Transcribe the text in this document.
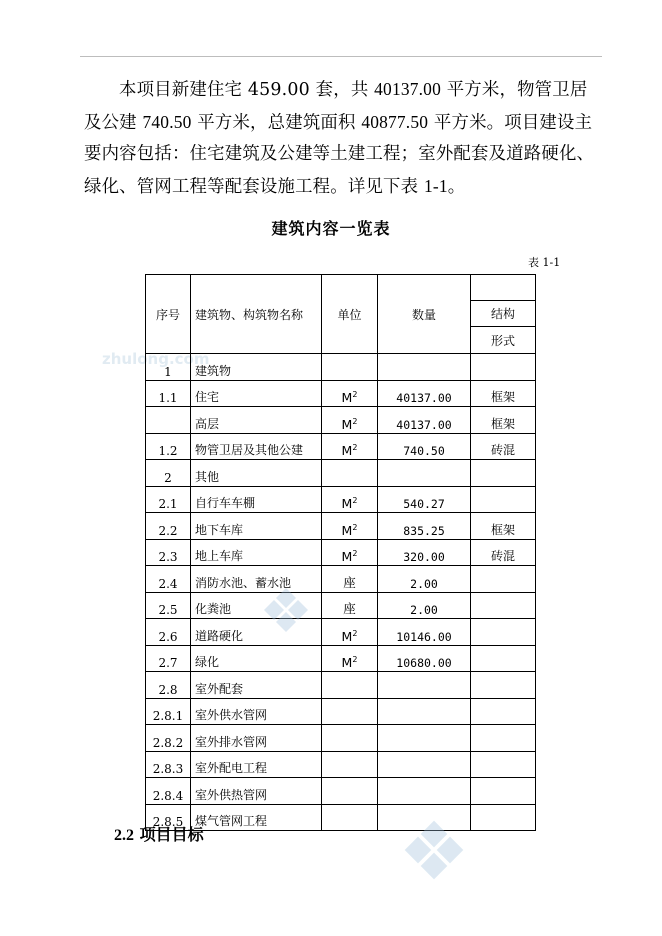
本项目新建住宅 459.00 套，共 40137.00 平方米，物管卫居及公建 740.50 平方米，总建筑面积 40877.50 平方米。项目建设主要内容包括：住宅建筑及公建等土建工程；室外配套及道路硬化、绿化、管网工程等配套设施工程。详见下表 1-1。

建筑内容一览表

表 1-1

zhulong.com
序号	建筑物、构筑物名称	单位	数量	结构
形式

1	建筑物			
1.1	住宅	$M^2$	40137.00	框架
	高层	$M^2$	40137.00	框架
1.2	物管卫居及其他公建	$M^2$	740.50	砖混
2	其他			
2.1	自行车车棚	$M^2$	540.27	
2.2	地下车库	$M^2$	835.25	框架
2.3	地上车库	$M^2$	320.00	砖混
2.4	消防水池、蓄水池	座	2.00	
2.5	化粪池	座	2.00	
2.6	道路硬化	$M^2$	10146.00	
2.7	绿化	$M^2$	10680.00	
2.8	室外配套			
2.8.1	室外供水管网			
2.8.2	室外排水管网			
2.8.3	室外配电工程			
2.8.4	室外供热管网			
2.8.5	煤气管网工程			

2.2 项目目标
